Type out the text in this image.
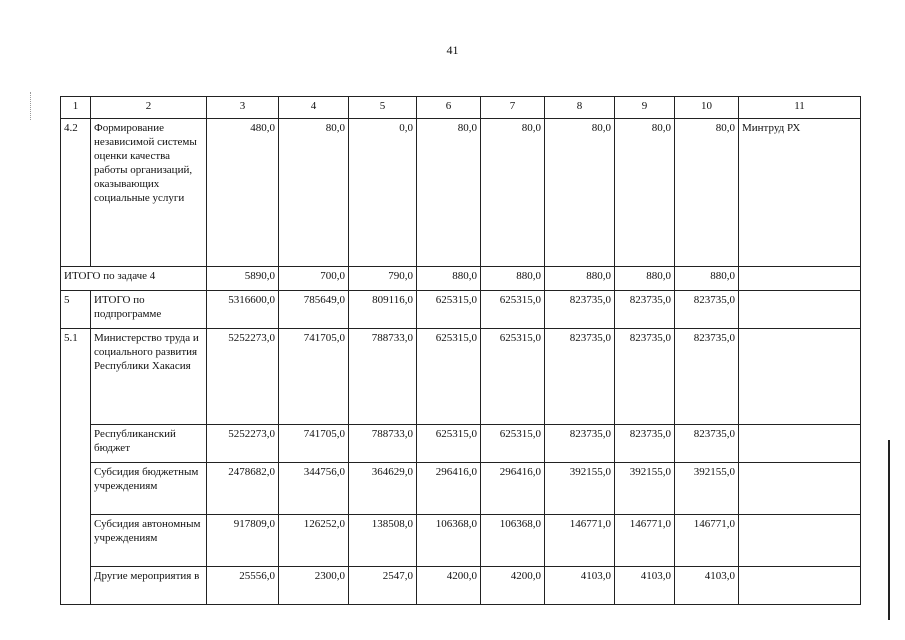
41
1	2	3	4	5	6	7	8	9	10	11
4.2	Формирование независимой системы оценки качества работы организаций, оказывающих социальные услуги	480,0	80,0	0,0	80,0	80,0	80,0	80,0	80,0	Минтруд РХ
ИТОГО по задаче 4		5890,0	700,0	790,0	880,0	880,0	880,0	880,0	880,0	
5	ИТОГО по подпрограмме	5316600,0	785649,0	809116,0	625315,0	625315,0	823735,0	823735,0	823735,0	
5.1	Министерство труда и социального развития Республики Хакасия	5252273,0	741705,0	788733,0	625315,0	625315,0	823735,0	823735,0	823735,0	
	Республиканский бюджет	5252273,0	741705,0	788733,0	625315,0	625315,0	823735,0	823735,0	823735,0	
	Субсидия бюджетным учреждениям	2478682,0	344756,0	364629,0	296416,0	296416,0	392155,0	392155,0	392155,0	
	Субсидия автономным учреждениям	917809,0	126252,0	138508,0	106368,0	106368,0	146771,0	146771,0	146771,0	
	Другие мероприятия в	25556,0	2300,0	2547,0	4200,0	4200,0	4103,0	4103,0	4103,0	
